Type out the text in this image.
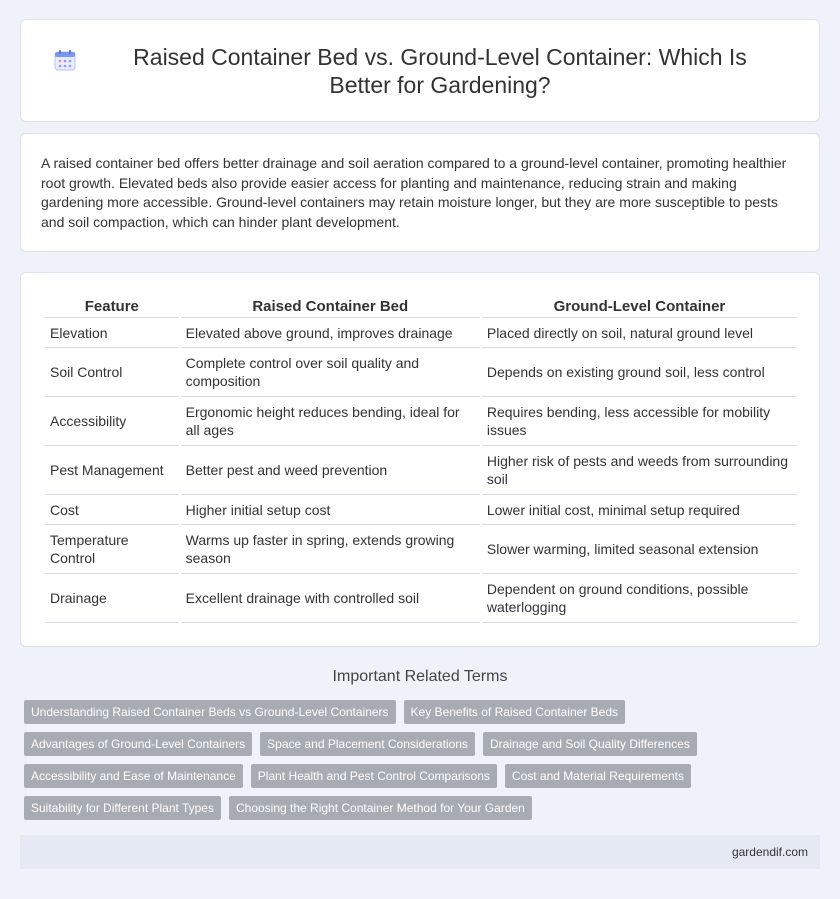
Raised Container Bed vs. Ground-Level Container: Which Is Better for Gardening?

A raised container bed offers better drainage and soil aeration compared to a ground-level container, promoting healthier root growth. Elevated beds also provide easier access for planting and maintenance, reducing strain and making gardening more accessible. Ground-level containers may retain moisture longer, but they are more susceptible to pests and soil compaction, which can hinder plant development.

Feature	Raised Container Bed	Ground-Level Container
Elevation	Elevated above ground, improves drainage	Placed directly on soil, natural ground level
Soil Control	Complete control over soil quality and composition	Depends on existing ground soil, less control
Accessibility	Ergonomic height reduces bending, ideal for all ages	Requires bending, less accessible for mobility issues
Pest Management	Better pest and weed prevention	Higher risk of pests and weeds from surrounding soil
Cost	Higher initial setup cost	Lower initial cost, minimal setup required
Temperature Control	Warms up faster in spring, extends growing season	Slower warming, limited seasonal extension
Drainage	Excellent drainage with controlled soil	Dependent on ground conditions, possible waterlogging
Important Related Terms
Understanding Raised Container Beds vs Ground-Level Containers	Key Benefits of Raised Container Beds
Advantages of Ground-Level Containers	Space and Placement Considerations	Drainage and Soil Quality Differences
Accessibility and Ease of Maintenance	Plant Health and Pest Control Comparisons	Cost and Material Requirements
Suitability for Different Plant Types	Choosing the Right Container Method for Your Garden
gardendif.com
